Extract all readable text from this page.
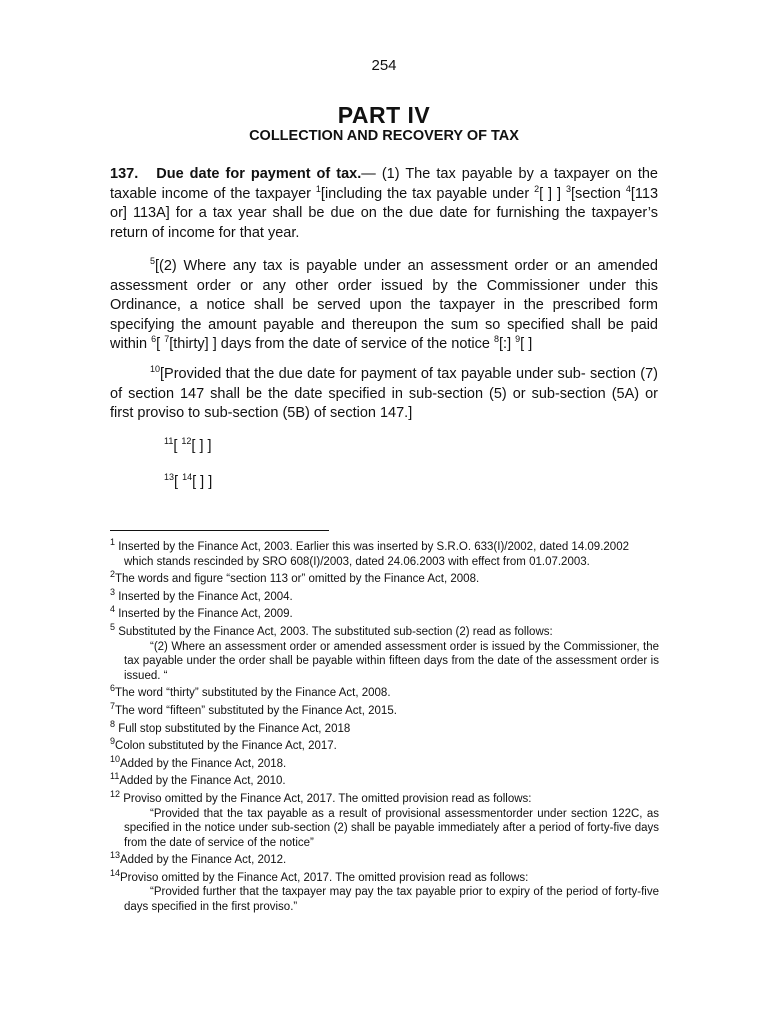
254
PART IV
COLLECTION AND RECOVERY OF TAX
137. Due date for payment of tax.— (1) The tax payable by a taxpayer on the taxable income of the taxpayer $^1$[including the tax payable under $^2$[ ] ] $^3$[section $^4$[113 or] 113A] for a tax year shall be due on the due date for furnishing the taxpayer’s return of income for that year.
$^5$[(2) Where any tax is payable under an assessment order or an amended assessment order or any other order issued by the Commissioner under this Ordinance, a notice shall be served upon the taxpayer in the prescribed form specifying the amount payable and thereupon the sum so specified shall be paid within $^6$[ $^7$[thirty] ] days from the date of service of the notice $^8$[:] $^9$[ ]
$^{10}$[Provided that the due date for payment of tax payable under sub- section (7) of section 147 shall be the date specified in sub-section (5) or sub-section (5A) or first proviso to sub-section (5B) of section 147.]
$^{11}$[ $^{12}$[ ] ]
$^{13}$[ $^{14}$[ ] ]
$^1$ Inserted by the Finance Act, 2003. Earlier this was inserted by S.R.O. 633(I)/2002, dated 14.09.2002
which stands rescinded by SRO 608(I)/2003, dated 24.06.2003 with effect from 01.07.2003.
$^2$The words and figure “section 113 or” omitted by the Finance Act, 2008.
$^3$ Inserted by the Finance Act, 2004.
$^4$ Inserted by the Finance Act, 2009.
$^5$ Substituted by the Finance Act, 2003. The substituted sub-section (2) read as follows:
“(2) Where an assessment order or amended assessment order is issued by the Commissioner, the tax payable under the order shall be payable within fifteen days from the date of the assessment order is issued. “
$^6$The word “thirty” substituted by the Finance Act, 2008.
$^7$The word “fifteen” substituted by the Finance Act, 2015.
$^8$ Full stop substituted by the Finance Act, 2018
$^9$Colon substituted by the Finance Act, 2017.
$^{10}$Added by the Finance Act, 2018.
$^{11}$Added by the Finance Act, 2010.
$^{12}$ Proviso omitted by the Finance Act, 2017. The omitted provision read as follows:
“Provided that the tax payable as a result of provisional assessmentorder under section 122C, as specified in the notice under sub-section (2) shall be payable immediately after a period of forty-five days from the date of service of the notice”
$^{13}$Added by the Finance Act, 2012.
$^{14}$Proviso omitted by the Finance Act, 2017. The omitted provision read as follows:
“Provided further that the taxpayer may pay the tax payable prior to expiry of the period of forty-five days specified in the first proviso.”
